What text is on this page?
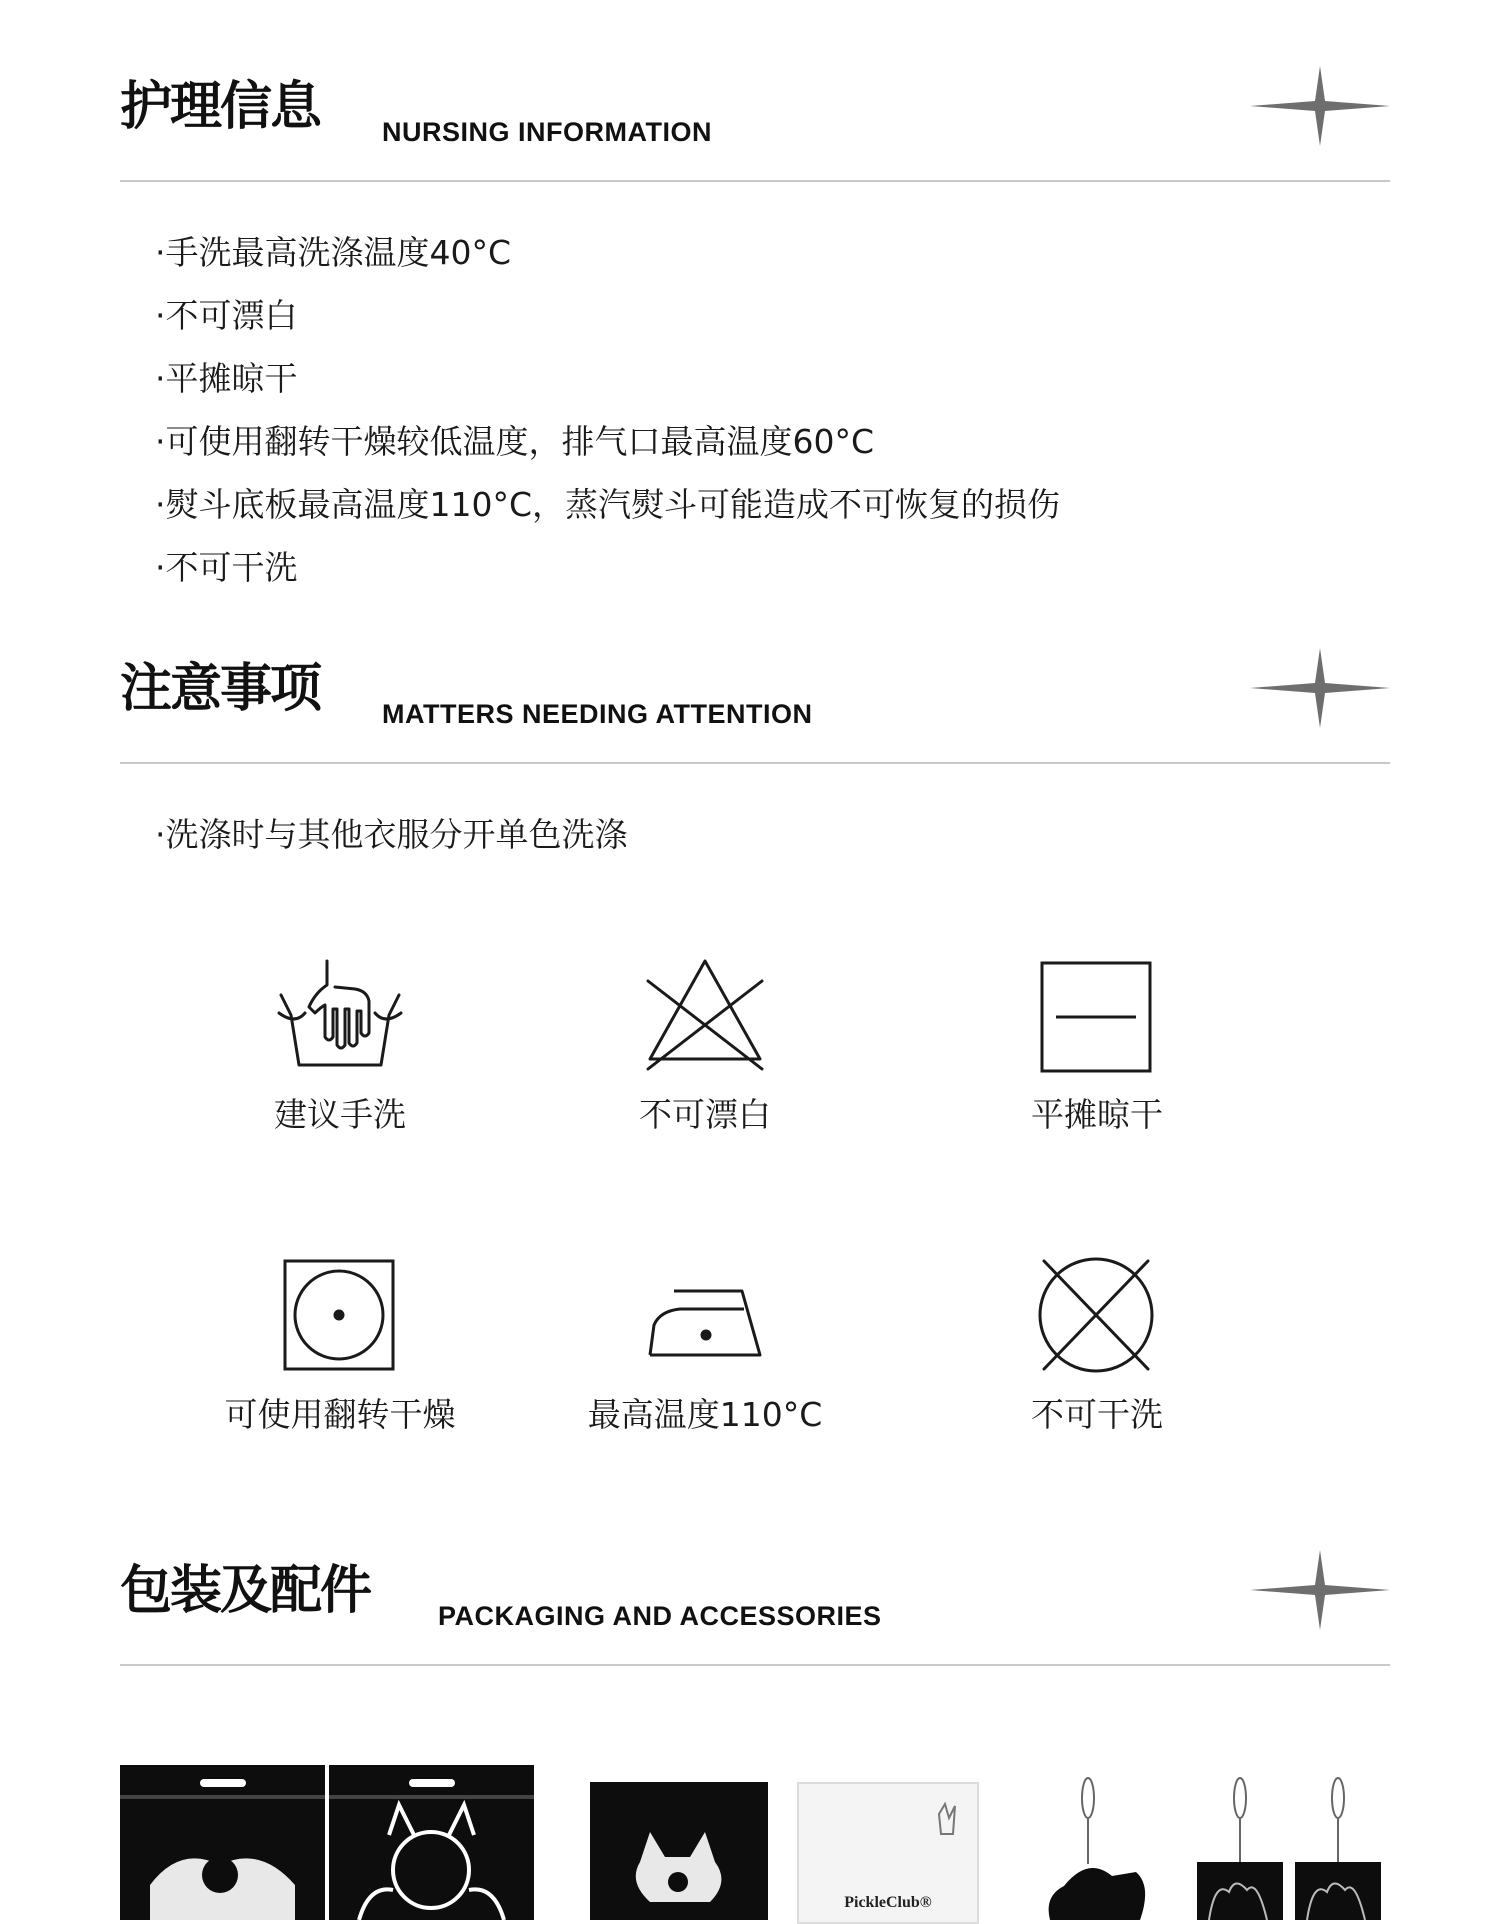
护理信息 NURSING INFORMATION
·手洗最高洗涤温度40°C
·不可漂白
·平摊晾干
·可使用翻转干燥较低温度，排气口最高温度60°C
·熨斗底板最高温度110°C，蒸汽熨斗可能造成不可恢复的损伤
·不可干洗
注意事项 MATTERS NEEDING ATTENTION
·洗涤时与其他衣服分开单色洗涤
建议手洗	不可漂白	平摊晾干
可使用翻转干燥	最高温度110°C	不可干洗
包装及配件	PACKAGING AND ACCESSORIES
PickleClub®
